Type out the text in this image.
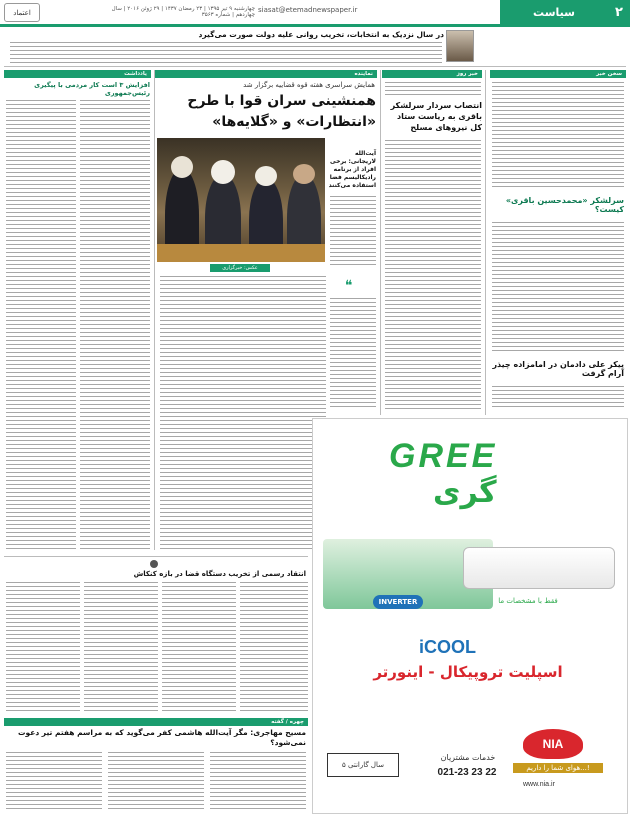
۲
سیاست
siasat@etemadnewspaper.ir
چهارشنبه ۹ تیر ۱۳۹۵ | ۲۳ رمضان ۱۴۳۷ | ۲۹ ژوئن ۲۰۱۶ | سال چهاردهم | شماره ۳۵۶۳
اعتماد
در سال نزدیک به انتخابات، تخریب روانی علیه دولت صورت می‌گیرد
سخن خبر
سرلشکر «محمدحسین باقری» کیست؟
پیکر علی دادمان در امامزاده چیذر آرام گرفت
خبر روز
انتصاب سردار سرلشکر باقری به ریاست ستاد کل نیروهای مسلح
نماینده
همایش سراسری هفته قوه قضاییه برگزار شد
همنشینی سران قوا با طرح
«انتظارات» و «گلایه‌ها»
عکس: خبرگزاری
آیت‌الله لاریجانی: برخی افراد از برنامه رادیکالیسم فضا استفاده می‌کنند
❝
یادداشت
افزایش ۳ است کار مردمی با پیگیری رئیس‌جمهوری
GREE
گری
INVERTER	فقط با مشخصات ما
iCOOL
اسپلیت تروپیکال - اینورتر
NIA
هوای شما را داریم...!
خدمات مشتریان
021-23 23 22
www.nia.ir
۵ سال گارانتی
انتقاد رسمی از تخریب دستگاه قضا در بازه کنکاش
چهره / گفته
مسیح مهاجری: مگر آیت‌الله هاشمی کفر می‌گوید که به مراسم هفتم تیر دعوت نمی‌شود؟
